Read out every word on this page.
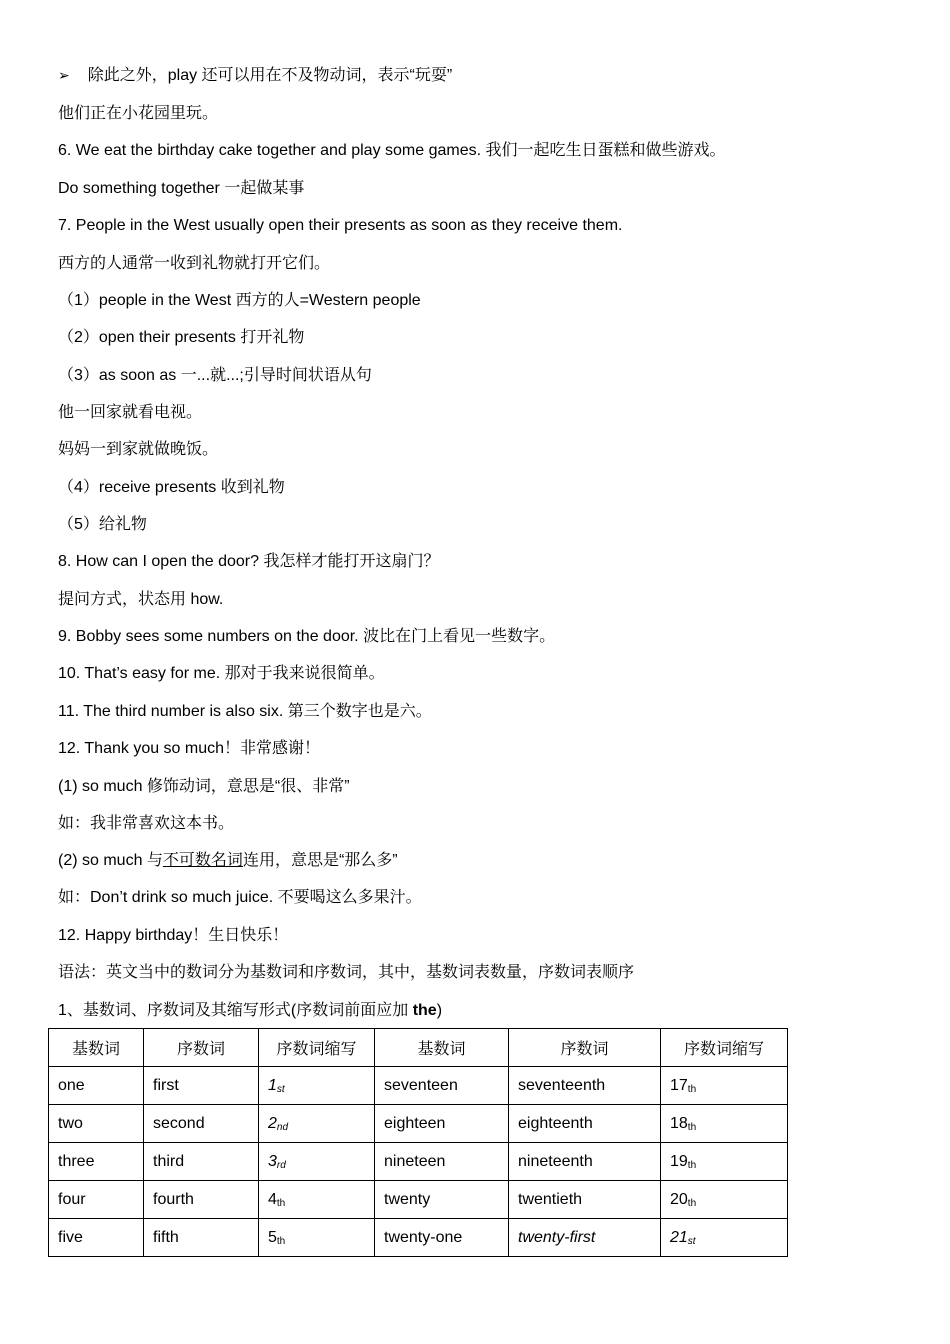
➢ 除此之外，play 还可以用在不及物动词，表示“玩耍”
他们正在小花园里玩。
6. We eat the birthday cake together and play some games. 我们一起吃生日蛋糕和做些游戏。
Do something together 一起做某事
7. People in the West usually open their presents as soon as they receive them.
西方的人通常一收到礼物就打开它们。
（1）people in the West 西方的人=Western people
（2）open their presents 打开礼物
（3）as soon as 一...就...;引导时间状语从句
他一回家就看电视。
妈妈一到家就做晚饭。
（4）receive presents 收到礼物
（5）给礼物
8. How can I open the door? 我怎样才能打开这扇门？
提问方式，状态用 how.
9. Bobby sees some numbers on the door. 波比在门上看见一些数字。
10. That’s easy for me. 那对于我来说很简单。
11. The third number is also six. 第三个数字也是六。
12. Thank you so much！非常感谢！
(1) so much 修饰动词，意思是“很、非常”
如：我非常喜欢这本书。
(2) so much 与不可数名词连用，意思是“那么多”
如：Don’t drink so much juice. 不要喝这么多果汁。
12. Happy birthday！生日快乐！
语法：英文当中的数词分为基数词和序数词，其中，基数词表数量，序数词表顺序
1、基数词、序数词及其缩写形式(序数词前面应加 the)
基数词	序数词	序数词缩写	基数词	序数词	序数词缩写
one	first	$1_{st}$	seventeen	seventeenth	$17_{th}$
two	second	$2_{nd}$	eighteen	eighteenth	$18_{th}$
three	third	$3_{rd}$	nineteen	nineteenth	$19_{th}$
four	fourth	$4_{th}$	twenty	twentieth	$20_{th}$
five	fifth	$5_{th}$	twenty-one	twenty-first	$21_{st}$
